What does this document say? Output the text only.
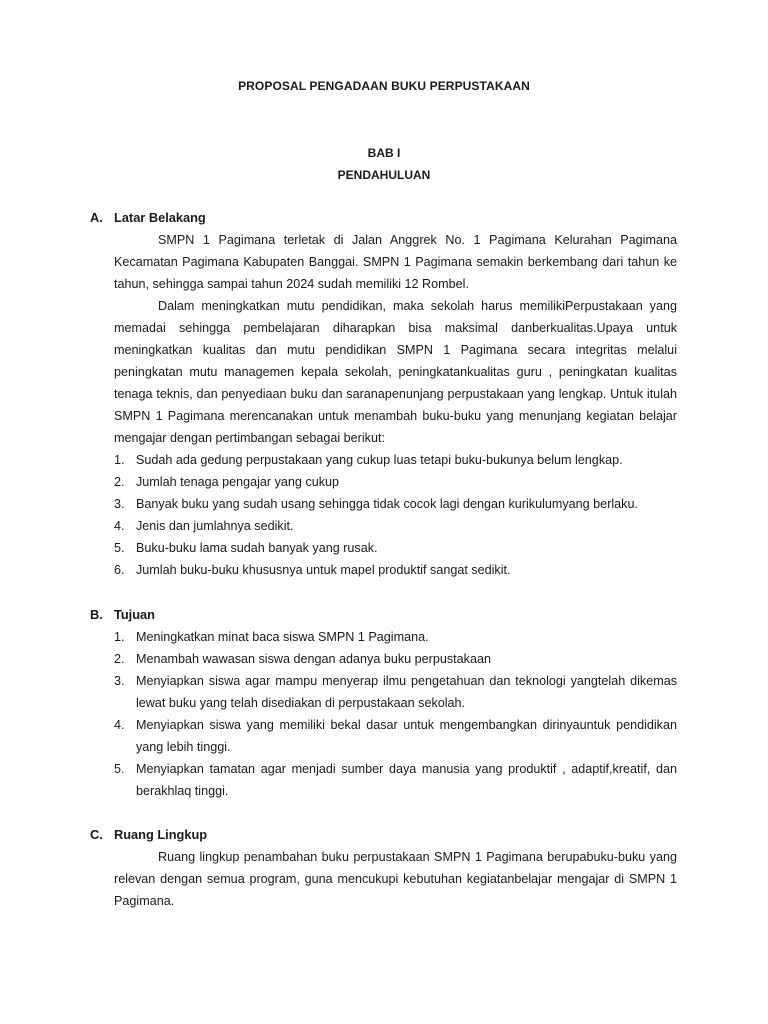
PROPOSAL PENGADAAN BUKU PERPUSTAKAAN
BAB I
PENDAHULUAN
A. Latar Belakang
SMPN 1 Pagimana terletak di Jalan Anggrek No. 1 Pagimana Kelurahan Pagimana Kecamatan Pagimana Kabupaten Banggai. SMPN 1 Pagimana semakin berkembang dari tahun ke tahun, sehingga sampai tahun 2024 sudah memiliki 12 Rombel.
Dalam meningkatkan mutu pendidikan, maka sekolah harus memilikiPerpustakaan yang memadai sehingga pembelajaran diharapkan bisa maksimal danberkualitas.Upaya untuk meningkatkan kualitas dan mutu pendidikan SMPN 1 Pagimana secara integritas melalui peningkatan mutu managemen kepala sekolah, peningkatankualitas guru , peningkatan kualitas tenaga teknis, dan penyediaan buku dan saranapenunjang perpustakaan yang lengkap. Untuk itulah SMPN 1 Pagimana merencanakan untuk menambah buku-buku yang menunjang kegiatan belajar mengajar dengan pertimbangan sebagai berikut:
1. Sudah ada gedung perpustakaan yang cukup luas tetapi buku-bukunya belum lengkap.
2. Jumlah tenaga pengajar yang cukup
3. Banyak buku yang sudah usang sehingga tidak cocok lagi dengan kurikulumyang berlaku.
4. Jenis dan jumlahnya sedikit.
5. Buku-buku lama sudah banyak yang rusak.
6. Jumlah buku-buku khususnya untuk mapel produktif sangat sedikit.
B. Tujuan
1. Meningkatkan minat baca siswa SMPN 1 Pagimana.
2. Menambah wawasan siswa dengan adanya buku perpustakaan
3. Menyiapkan siswa agar mampu menyerap ilmu pengetahuan dan teknologi yangtelah dikemas lewat buku yang telah disediakan di perpustakaan sekolah.
4. Menyiapkan siswa yang memiliki bekal dasar untuk mengembangkan dirinyauntuk pendidikan yang lebih tinggi.
5. Menyiapkan tamatan agar menjadi sumber daya manusia yang produktif , adaptif,kreatif, dan berakhlaq tinggi.
C. Ruang Lingkup
Ruang lingkup penambahan buku perpustakaan SMPN 1 Pagimana berupabuku-buku yang relevan dengan semua program, guna mencukupi kebutuhan kegiatanbelajar mengajar di SMPN 1 Pagimana.
